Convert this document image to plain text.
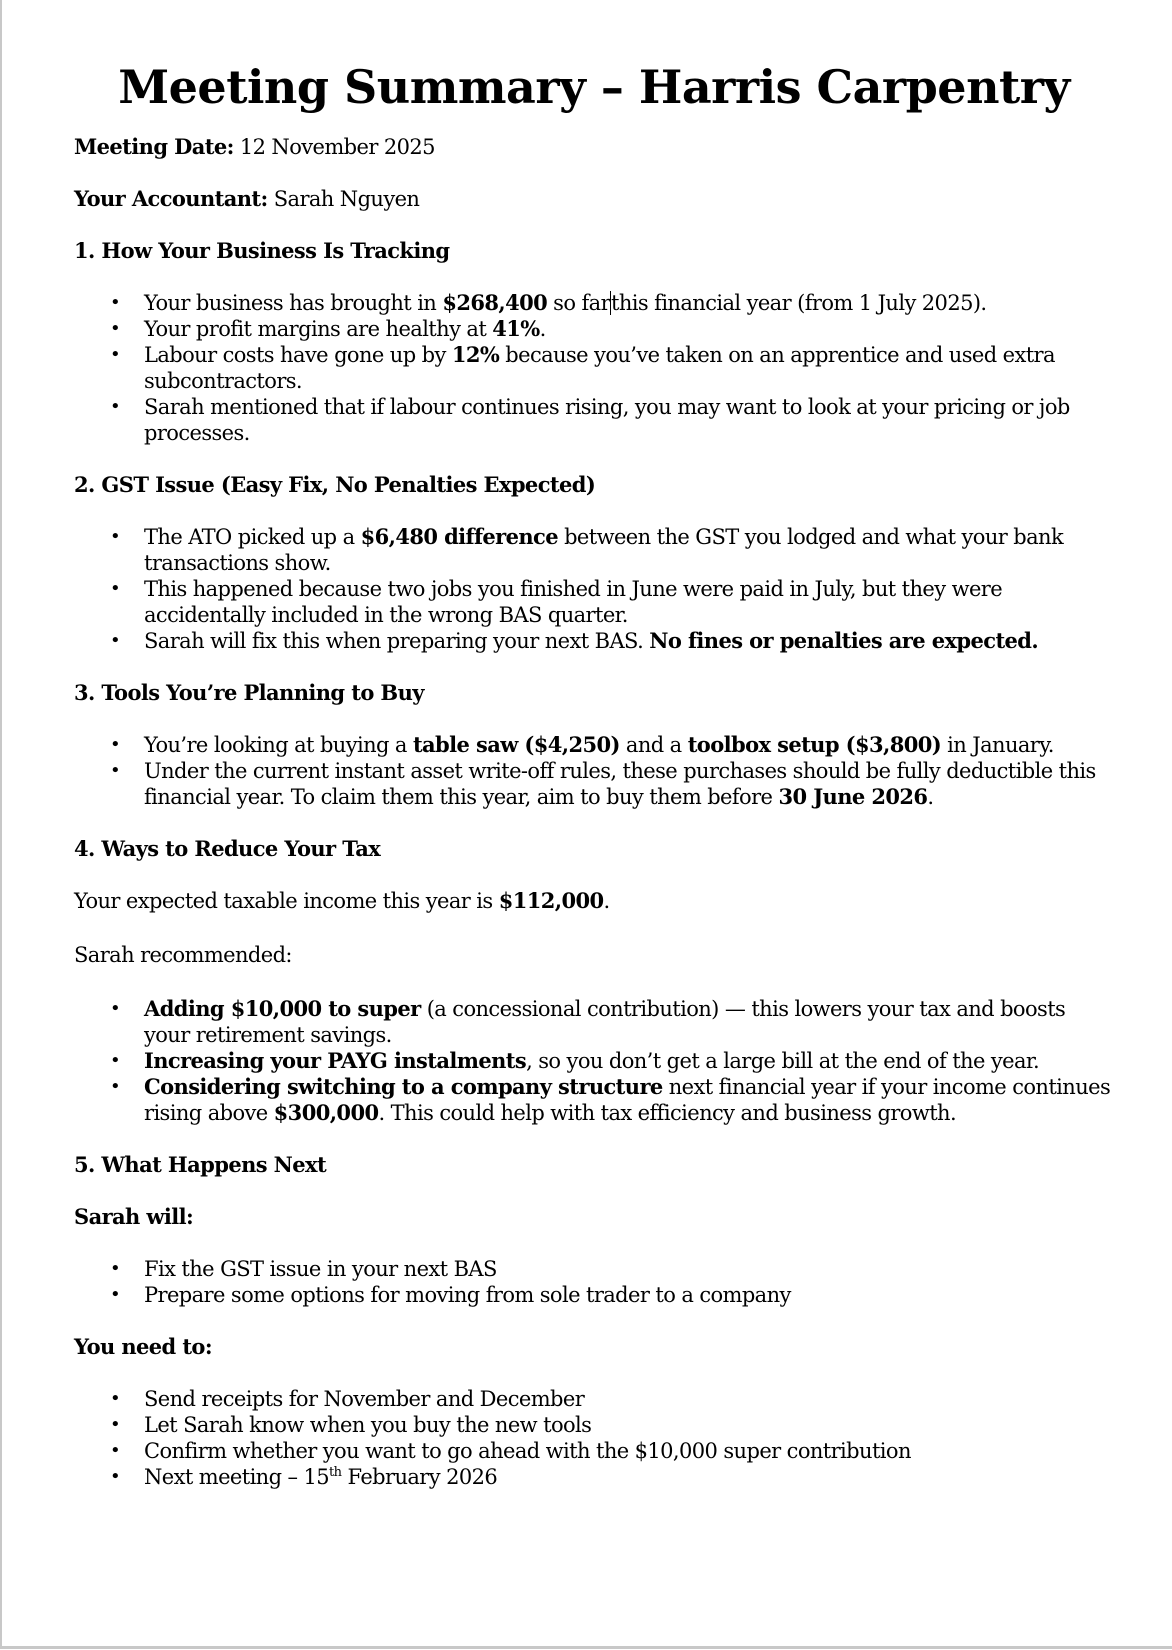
Meeting Summary – Harris Carpentry

Meeting Date: 12 November 2025

Your Accountant: Sarah Nguyen

1. How Your Business Is Tracking
• Your business has brought in $268,400 so farthis financial year (from 1 July 2025).
• Your profit margins are healthy at 41%.
• Labour costs have gone up by 12% because you’ve taken on an apprentice and used extra subcontractors.
• Sarah mentioned that if labour continues rising, you may want to look at your pricing or job processes.
2. GST Issue (Easy Fix, No Penalties Expected)
• The ATO picked up a $6,480 difference between the GST you lodged and what your bank transactions show.
• This happened because two jobs you finished in June were paid in July, but they were accidentally included in the wrong BAS quarter.
• Sarah will fix this when preparing your next BAS. No fines or penalties are expected.
3. Tools You’re Planning to Buy
• You’re looking at buying a table saw ($4,250) and a toolbox setup ($3,800) in January.
• Under the current instant asset write-off rules, these purchases should be fully deductible this financial year. To claim them this year, aim to buy them before 30 June 2026.
4. Ways to Reduce Your Tax

Your expected taxable income this year is $112,000.

Sarah recommended:

• Adding $10,000 to super (a concessional contribution) — this lowers your tax and boosts your retirement savings.
• Increasing your PAYG instalments, so you don’t get a large bill at the end of the year.
• Considering switching to a company structure next financial year if your income continues rising above $300,000. This could help with tax efficiency and business growth.
5. What Happens Next
Sarah will:
• Fix the GST issue in your next BAS
• Prepare some options for moving from sole trader to a company
You need to:
• Send receipts for November and December
• Let Sarah know when you buy the new tools
• Confirm whether you want to go ahead with the $10,000 super contribution
• Next meeting – 15th February 2026
